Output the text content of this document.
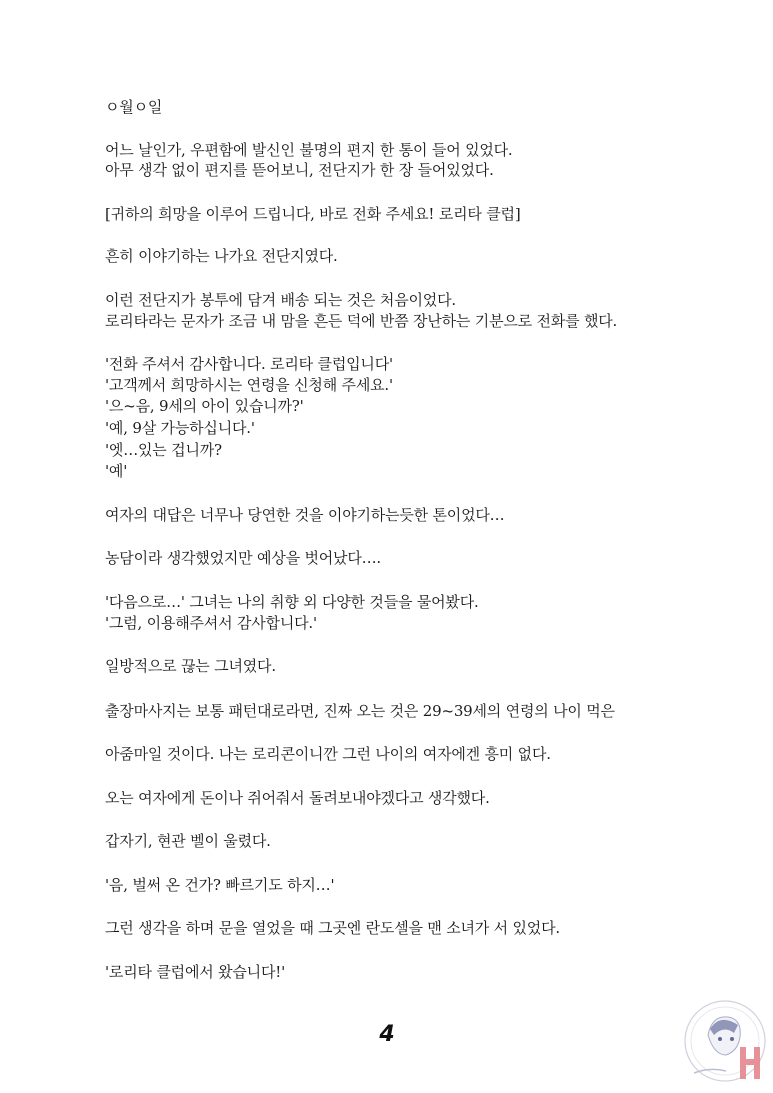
ㅇ월ㅇ일

어느 날인가, 우편함에 발신인 불명의 편지 한 통이 들어 있었다.

아무 생각 없이 편지를 뜯어보니, 전단지가 한 장 들어있었다.

[귀하의 희망을 이루어 드립니다, 바로 전화 주세요! 로리타 클럽]

흔히 이야기하는 나가요 전단지였다.

이런 전단지가 봉투에 담겨 배송 되는 것은 처음이었다.

로리타라는 문자가 조금 내 맘을 흔든 덕에 반쯤 장난하는 기분으로 전화를 했다.

'전화 주셔서 감사합니다. 로리타 클럽입니다'

'고객께서 희망하시는 연령을 신청해 주세요.'

'으~음, 9세의 아이 있습니까?'

'예, 9살 가능하십니다.'

'엣…있는 겁니까?

'예'

여자의 대답은 너무나 당연한 것을 이야기하는듯한 톤이었다…

농담이라 생각했었지만 예상을 벗어났다….

'다음으로…' 그녀는 나의 취향 외 다양한 것들을 물어봤다.

'그럼, 이용해주셔서 감사합니다.'

일방적으로 끊는 그녀였다.

출장마사지는 보통 패턴대로라면, 진짜 오는 것은 29~39세의 연령의 나이 먹은

아줌마일 것이다. 나는 로리콘이니깐 그런 나이의 여자에겐 흥미 없다.

오는 여자에게 돈이나 쥐어줘서 돌려보내야겠다고 생각했다.

갑자기, 현관 벨이 울렸다.

'음, 벌써 온 건가? 빠르기도 하지…'

그런 생각을 하며 문을 열었을 때 그곳엔 란도셀을 맨 소녀가 서 있었다.

'로리타 클럽에서 왔습니다!'

4
